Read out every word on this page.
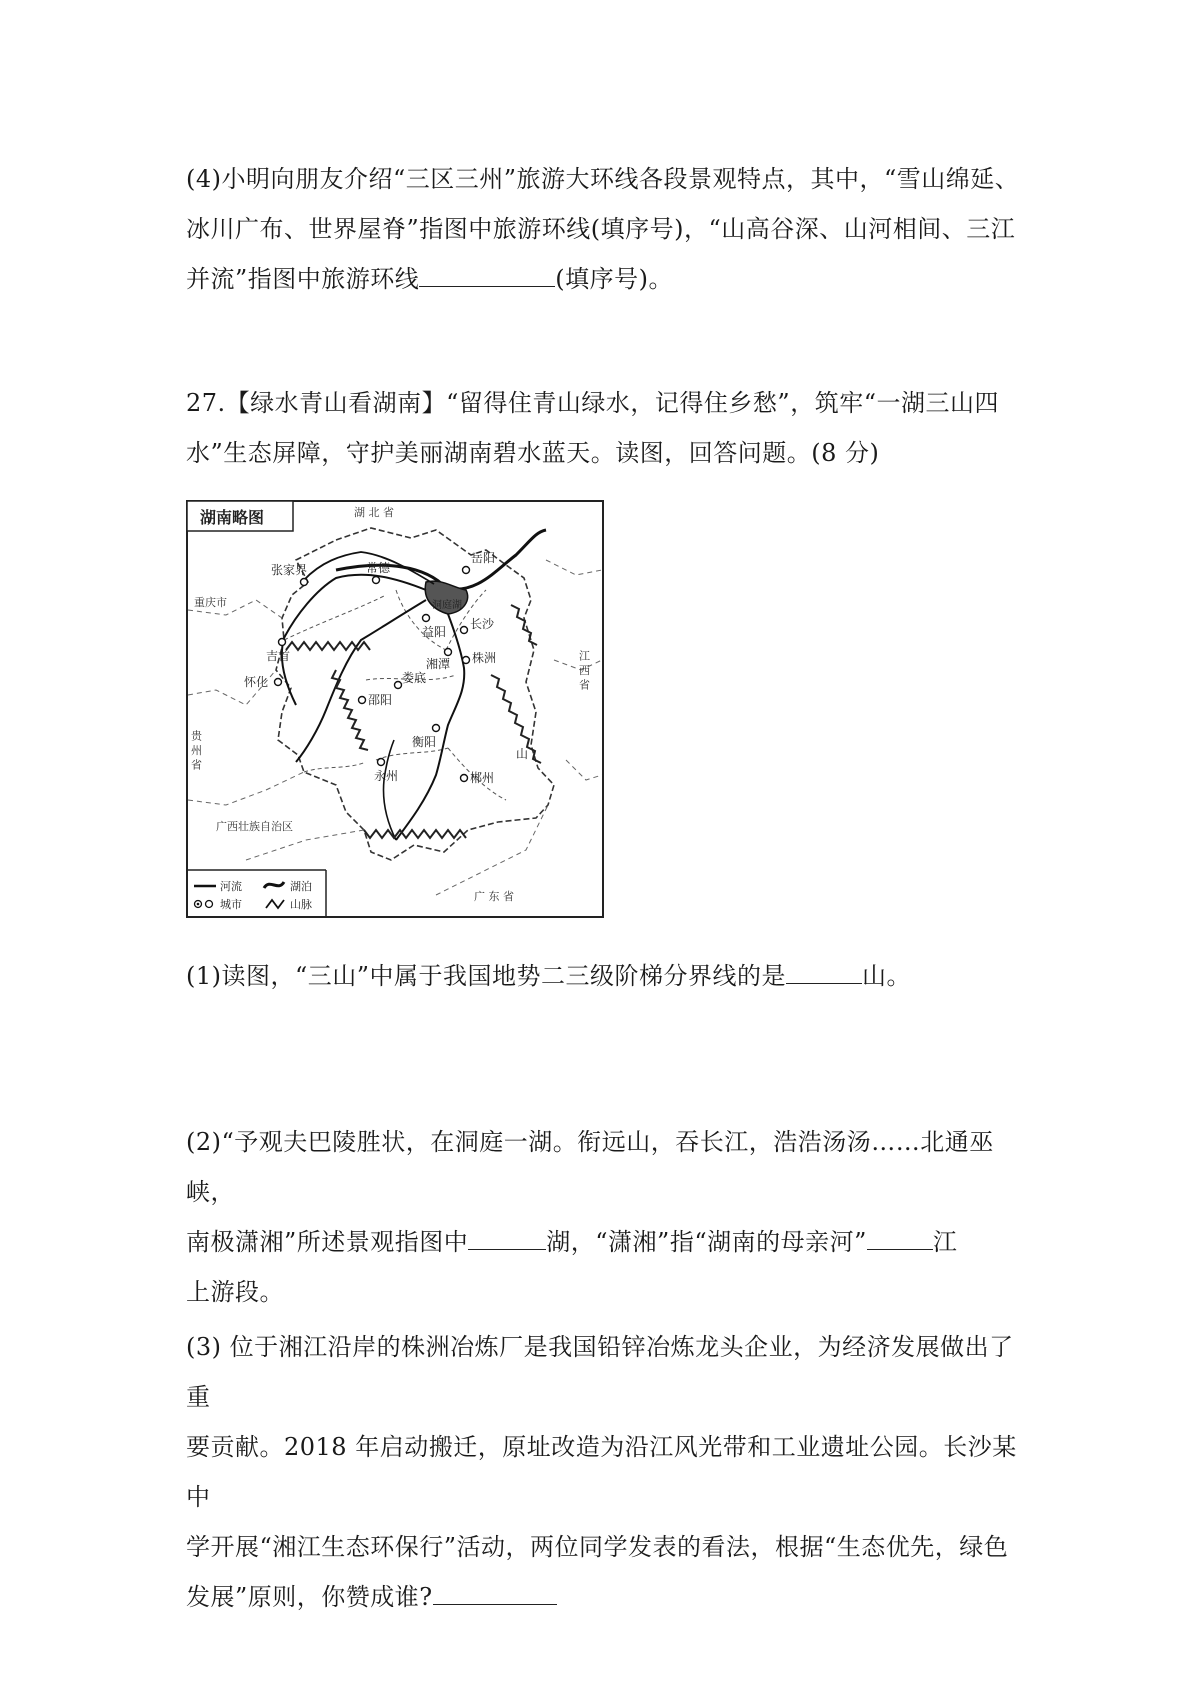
(4)小明向朋友介绍“三区三州”旅游大环线各段景观特点，其中，“雪山绵延、
冰川广布、世界屋脊”指图中旅游环线(填序号)，“山高谷深、山河相间、三江
并流”指图中旅游环线	(填序号)。
27.【绿水青山看湖南】“留得住青山绿水，记得住乡愁”，筑牢“一湖三山四
水”生态屏障，守护美丽湖南碧水蓝天。读图，回答问题。(8 分)
湖南略图	湖 北 省
重庆市
贵 州 省
广西壮族自治区
广 东 省
江 西 省
常德
岳阳
张家界
长沙
益阳
吉首
湘潭 株洲
娄底
怀化
邵阳
衡阳
永州	郴州
洞庭湖
山
河流	湖泊
城市	山脉
(1)读图，“三山”中属于我国地势二三级阶梯分界线的是	山。
(2)“予观夫巴陵胜状，在洞庭一湖。衔远山，吞长江，浩浩汤汤……北通巫峡，
南极潇湘”所述景观指图中	湖，“潇湘”指“湖南的母亲河”	江
上游段。
(3) 位于湘江沿岸的株洲冶炼厂是我国铅锌冶炼龙头企业，为经济发展做出了重
要贡献。2018 年启动搬迁，原址改造为沿江风光带和工业遗址公园。长沙某中
学开展“湘江生态环保行”活动，两位同学发表的看法，根据“生态优先，绿色
发展”原则，你赞成谁?
